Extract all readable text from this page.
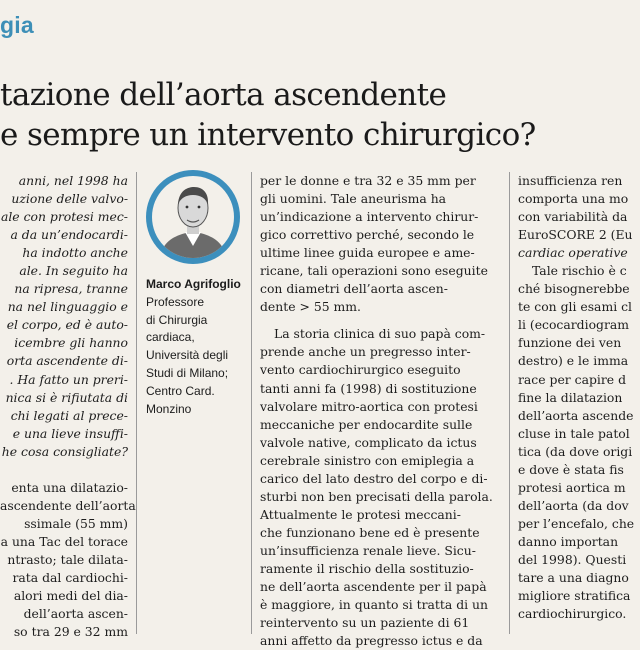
gia
tazione dell’aorta ascendente
e sempre un intervento chirurgico?
anni, nel 1998 ha
uzione delle valvo-
ale con protesi mec-
a da un’endocardi-
ha indotto anche
ale. In seguito ha
na ripresa, tranne
na nel linguaggio e
el corpo, ed è auto-
icembre gli hanno
orta ascendente di-
. Ha fatto un preri-
nica si è rifiutata di
chi legati al prece-
e una lieve insuffi-
he cosa consigliate?
enta una dilatazio-
ascendente dell’aorta
ssimale (55 mm)
a una Tac del torace
ntrasto; tale dilata-
rata dal cardiochi-
alori medi del dia-
dell’aorta ascen-
so tra 29 e 32 mm
Marco Agrifoglio
Professore
di Chirurgia
cardiaca,
Università degli
Studi di Milano;
Centro Card.
Monzino
per le donne e tra 32 e 35 mm per
gli uomini. Tale aneurisma ha
un’indicazione a intervento chirur-
gico correttivo perché, secondo le
ultime linee guida europee e ame-
ricane, tali operazioni sono eseguite
con diametri dell’aorta ascen-
dente > 55 mm.
La storia clinica di suo papà com-
prende anche un pregresso inter-
vento cardiochirurgico eseguito
tanti anni fa (1998) di sostituzione
valvolare mitro-aortica con protesi
meccaniche per endocardite sulle
valvole native, complicato da ictus
cerebrale sinistro con emiplegia a
carico del lato destro del corpo e di-
sturbi non ben precisati della parola.
Attualmente le protesi meccani-
che funzionano bene ed è presente
un’insufficienza renale lieve. Sicu-
ramente il rischio della sostituzio-
ne dell’aorta ascendente per il papà
è maggiore, in quanto si tratta di un
reintervento su un paziente di 61
anni affetto da pregresso ictus e da
insufficienza ren
comporta una mo
con variabilità da
EuroSCORE 2 (Eu
cardiac operative
Tale rischio è c
ché bisognerebbe
te con gli esami cl
li (ecocardiogram
funzione dei ven
destro) e le imma
race per capire d
fine la dilatazion
dell’aorta ascende
cluse in tale patol
tica (da dove origi
e dove è stata fis
protesi aortica m
dell’aorta (da dov
per l’encefalo, che
danno importan
del 1998). Questi
tare a una diagno
migliore stratifica
cardiochirurgico.
